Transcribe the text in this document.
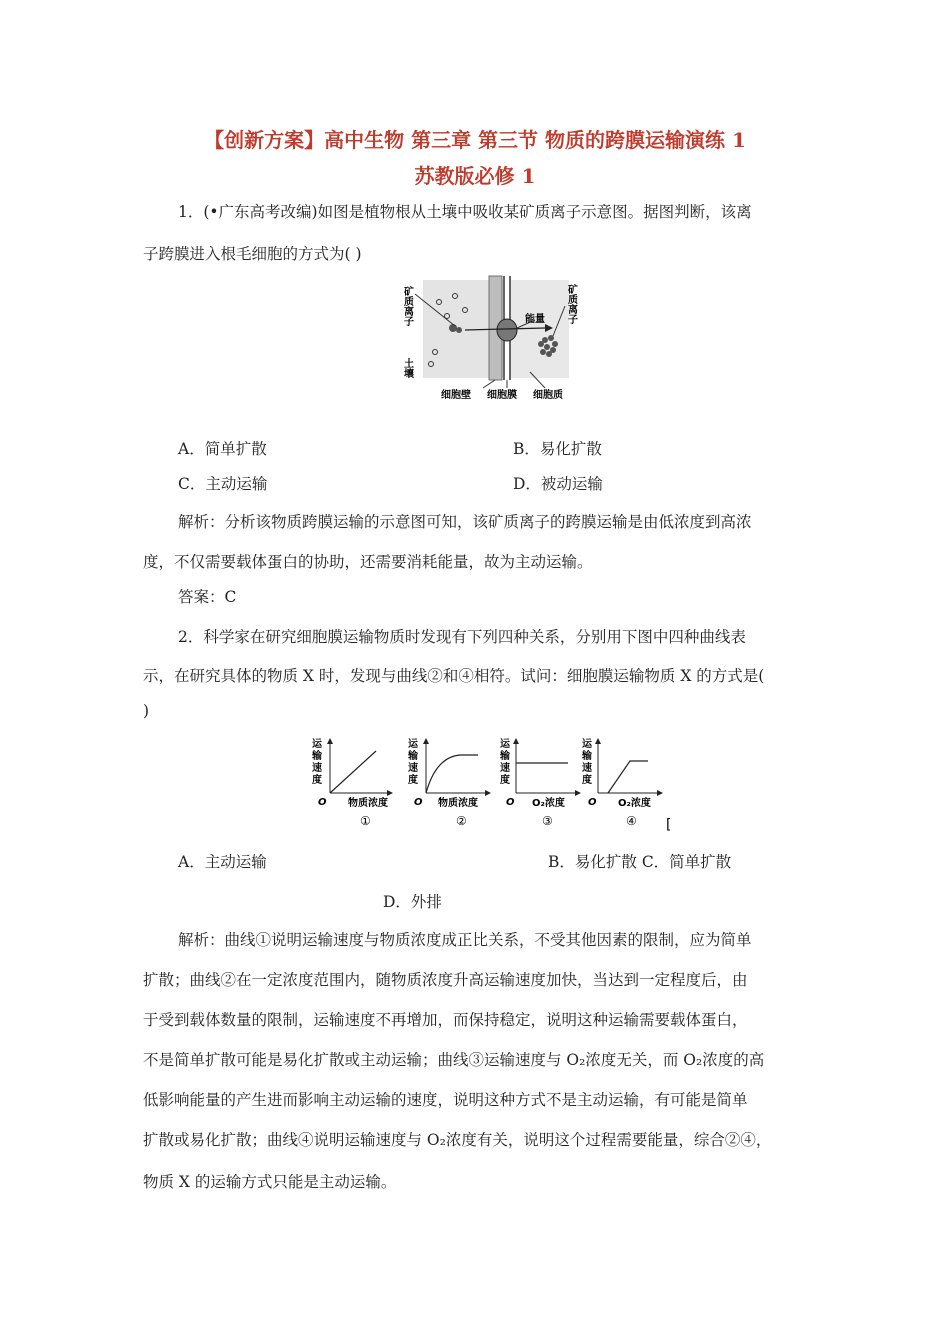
【创新方案】高中生物 第三章 第三节 物质的跨膜运输演练 1
苏教版必修 1
1．(•广东高考改编)如图是植物根从土壤中吸收某矿质离子示意图。据图判断，该离
子跨膜进入根毛细胞的方式为( )
矿质离子
土壤
能量 矿质离子
细胞壁 细胞膜 细胞质
A．简单扩散	B．易化扩散
C．主动运输	D．被动运输
解析：分析该物质跨膜运输的示意图可知，该矿质离子的跨膜运输是由低浓度到高浓
度，不仅需要载体蛋白的协助，还需要消耗能量，故为主动运输。
答案：C
2．科学家在研究细胞膜运输物质时发现有下列四种关系，分别用下图中四种曲线表
示，在研究具体的物质 X 时，发现与曲线②和④相符。试问：细胞膜运输物质 X 的方式是(
)
运
输
速
度
O 物质浓度
①
运
输
速
度
O 物质浓度
②
运
输
速
度
O O₂浓度
③
运
输
速
度
O O₂浓度
④ [
A．主动运输	B．易化扩散 C．简单扩散
D．外排
解析：曲线①说明运输速度与物质浓度成正比关系，不受其他因素的限制，应为简单
扩散；曲线②在一定浓度范围内，随物质浓度升高运输速度加快，当达到一定程度后，由
于受到载体数量的限制，运输速度不再增加，而保持稳定，说明这种运输需要载体蛋白，
不是简单扩散可能是易化扩散或主动运输；曲线③运输速度与 O₂浓度无关，而 O₂浓度的高
低影响能量的产生进而影响主动运输的速度，说明这种方式不是主动运输，有可能是简单
扩散或易化扩散；曲线④说明运输速度与 O₂浓度有关，说明这个过程需要能量，综合②④，
物质 X 的运输方式只能是主动运输。
